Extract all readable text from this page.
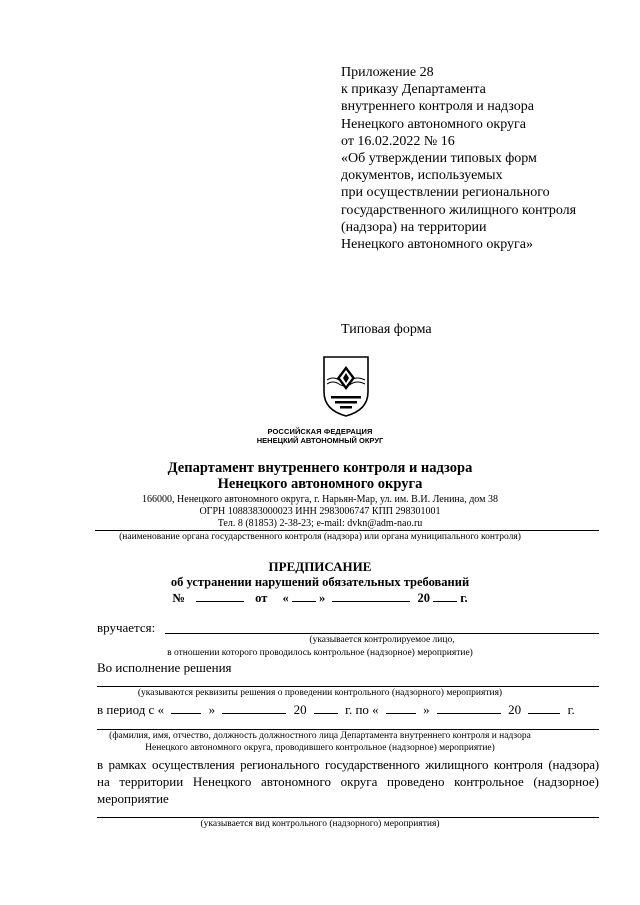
Приложение 28
к приказу Департамента
внутреннего контроля и надзора
Ненецкого автономного округа
от 16.02.2022 № 16
«Об утверждении типовых форм
документов, используемых
при осуществлении регионального
государственного жилищного контроля
(надзора) на территории
Ненецкого автономного округа»
Типовая форма
РОССИЙСКАЯ ФЕДЕРАЦИЯ
НЕНЕЦКИЙ АВТОНОМНЫЙ ОКРУГ
Департамент внутреннего контроля и надзора
Ненецкого автономного округа
166000, Ненецкого автономного округа, г. Нарьян-Мар, ул. им. В.И. Ленина, дом 38
ОГРН 1088383000023 ИНН 2983006747 КПП 298301001
Тел. 8 (81853) 2-38-23; e-mail: dvkn@adm-nao.ru
(наименование органа государственного контроля (надзора) или органа муниципального контроля)
ПРЕДПИСАНИЕ
об устранении нарушений обязательных требований
№	от « »	20 г.
вручается:
(указывается контролируемое лицо,
в отношении которого проводилось контрольное (надзорное) мероприятие)
Во исполнение решения
(указываются реквизиты решения о проведении контрольного (надзорного) мероприятия)
в период с «	»	20	г. по «	»	20	г.
(фамилия, имя, отчество, должность должностного лица Департамента внутреннего контроля и надзора
Ненецкого автономного округа, проводившего контрольное (надзорное) мероприятие)
в рамках осуществления регионального государственного жилищного контроля (надзора)
на территории Ненецкого автономного округа проведено контрольное (надзорное)
мероприятие
(указывается вид контрольного (надзорного) мероприятия)
